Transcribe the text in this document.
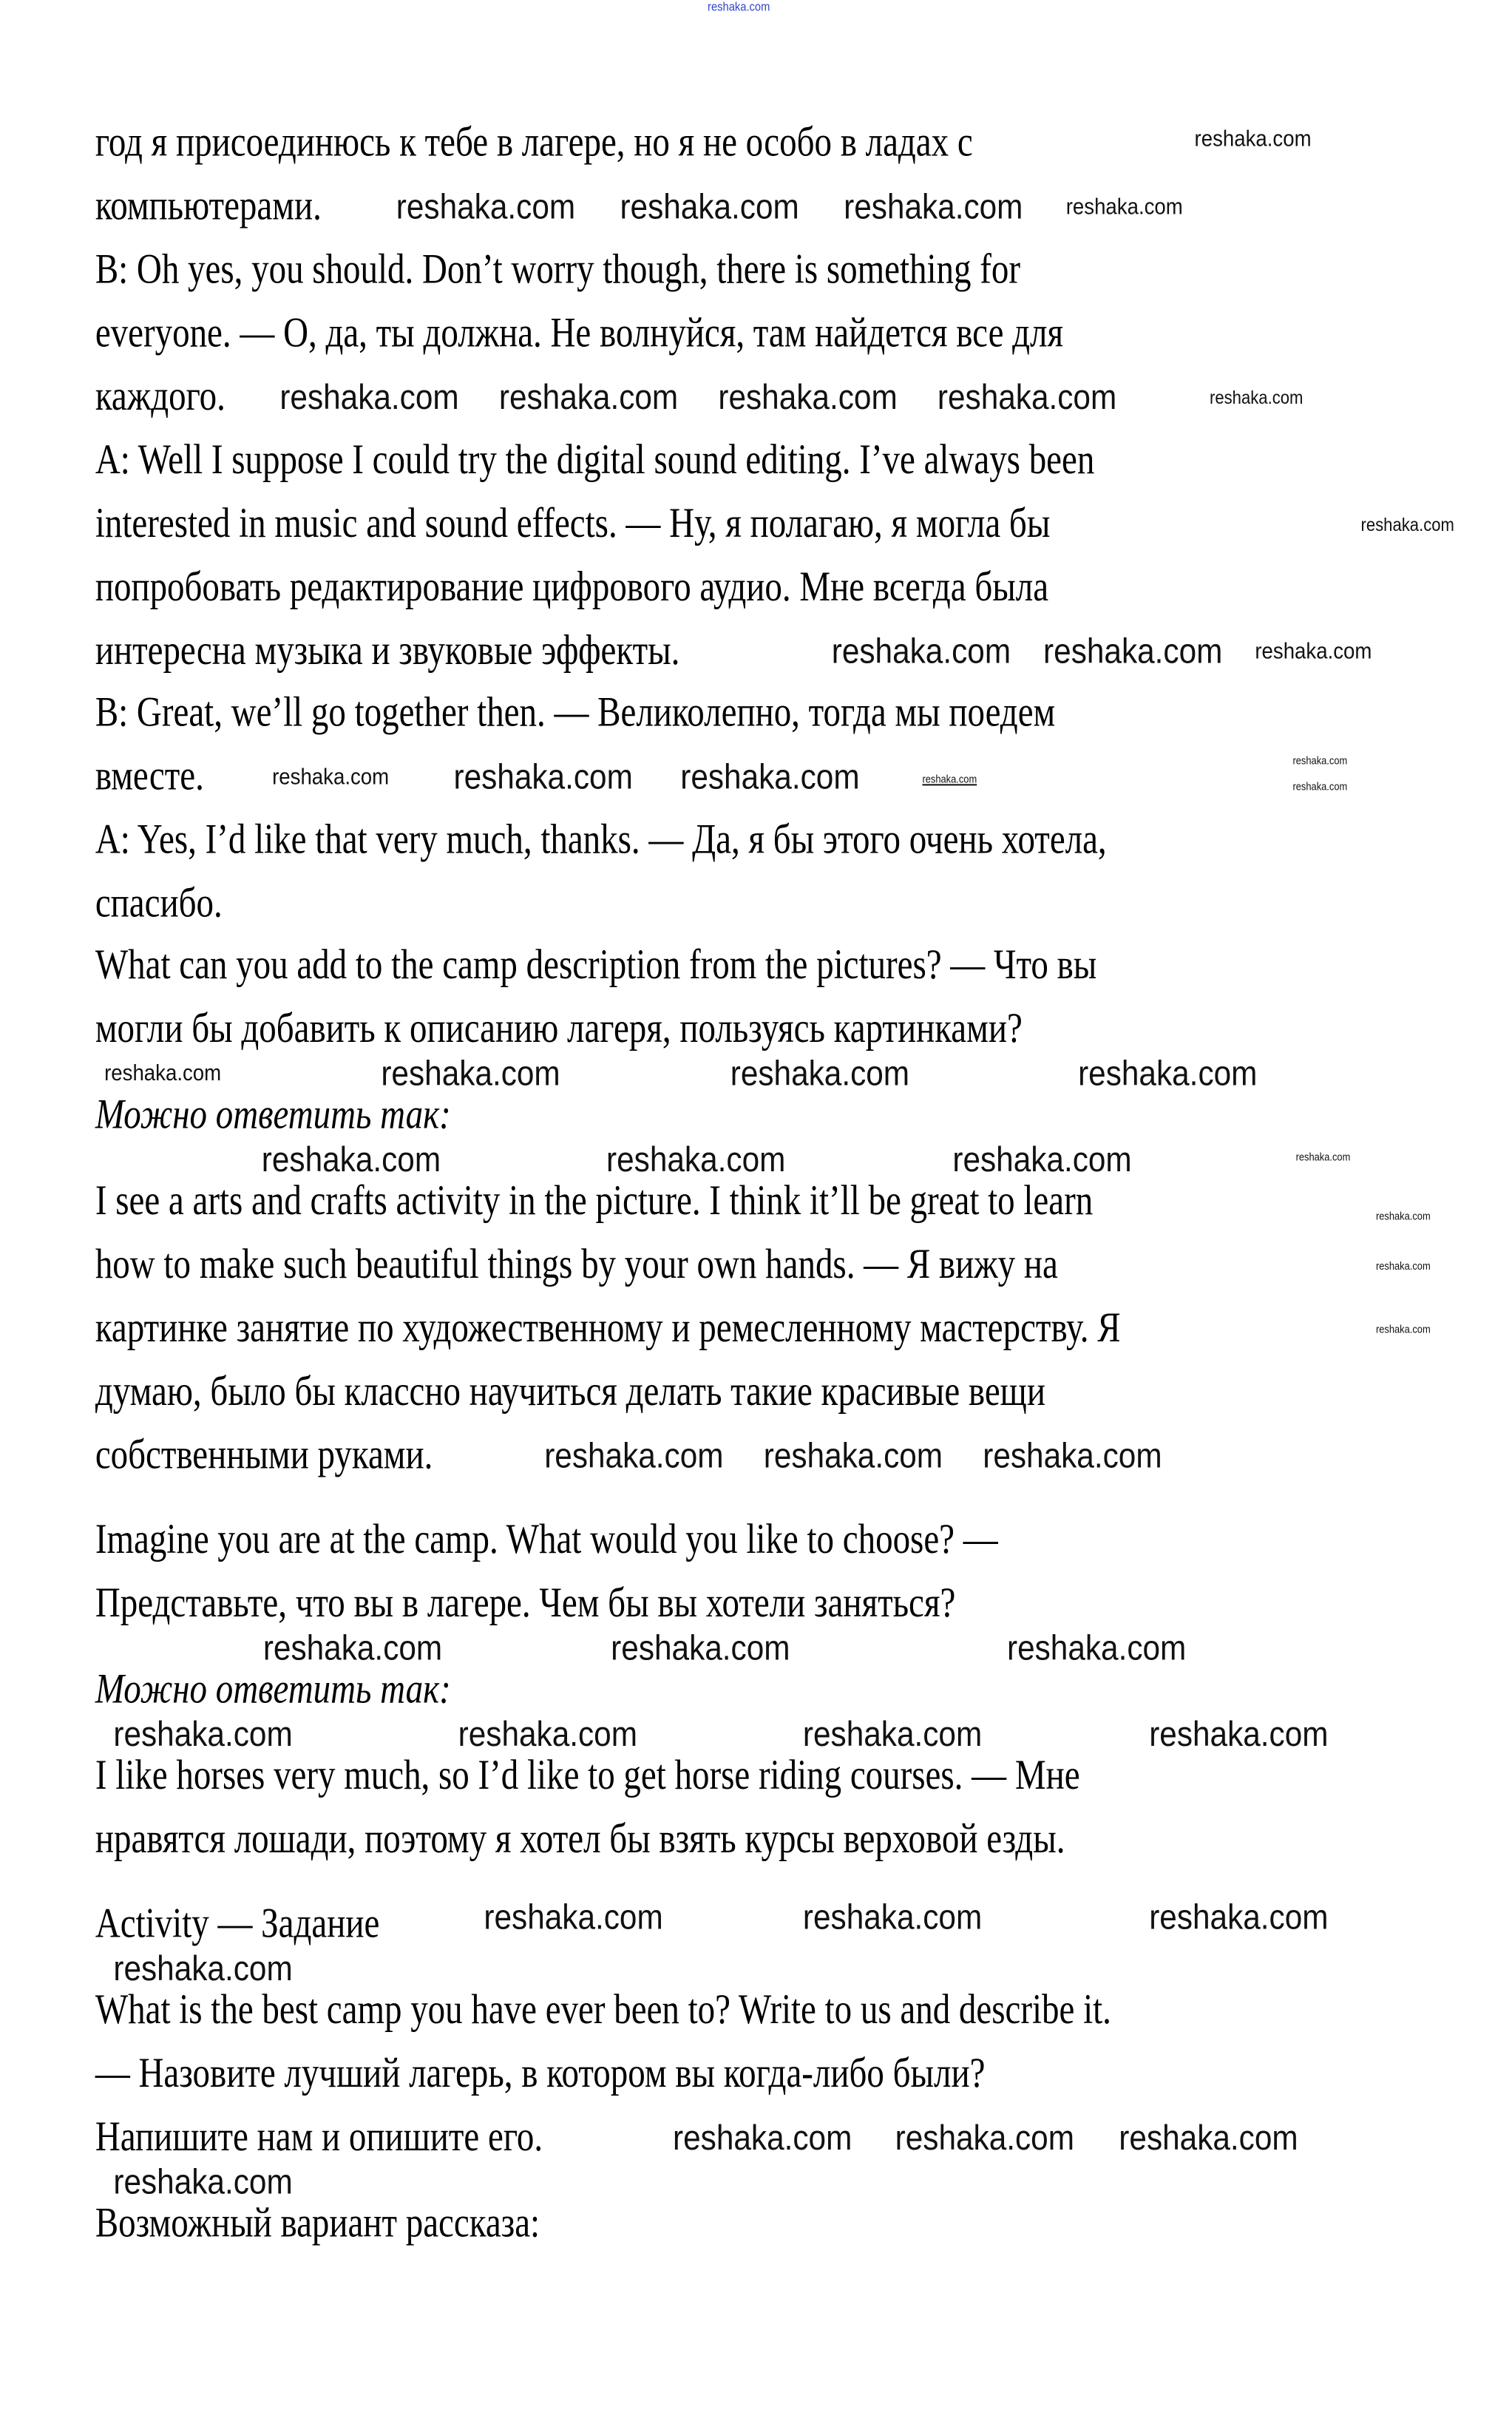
год я присоединюсь к тебе в лагере, но я не особо в ладах с
компьютерами.
B: Oh yes, you should. Don’t worry though, there is something for
everyone. — О, да, ты должна. Не волнуйся, там найдется все для
каждого.
A: Well I suppose I could try the digital sound editing. I’ve always been
interested in music and sound effects. — Ну, я полагаю, я могла бы
попробовать редактирование цифрового аудио. Мне всегда была
интересна музыка и звуковые эффекты.
B: Great, we’ll go together then. — Великолепно, тогда мы поедем
вместе.
A: Yes, I’d like that very much, thanks. — Да, я бы этого очень хотела,
спасибо.
What can you add to the camp description from the pictures? — Что вы
могли бы добавить к описанию лагеря, пользуясь картинками?
Можно ответить так:
I see a arts and crafts activity in the picture. I think it’ll be great to learn
how to make such beautiful things by your own hands. — Я вижу на
картинке занятие по художественному и ремесленному мастерству. Я
думаю, было бы классно научиться делать такие красивые вещи
собственными руками.
Imagine you are at the camp. What would you like to choose? —
Представьте, что вы в лагере. Чем бы вы хотели заняться?
Можно ответить так:
I like horses very much, so I’d like to get horse riding courses. — Мне
нравятся лошади, поэтому я хотел бы взять курсы верховой езды.
Activity — Задание
What is the best camp you have ever been to? Write to us and describe it.
— Назовите лучший лагерь, в котором вы когда-либо были?
Напишите нам и опишите его.
Возможный вариант рассказа:
reshaka.com
reshaka.com
reshaka.com	reshaka.com	reshaka.com	reshaka.com
reshaka.com reshaka.com reshaka.com	reshaka.com
reshaka.com
reshaka.com
reshaka.com reshaka.com	reshaka.com
reshaka.com
reshaka.com	reshaka.com	reshaka.com	reshaka.com
reshaka.com
reshaka.com	reshaka.com	reshaka.com	reshaka.com
reshaka.com
reshaka.com	reshaka.com	reshaka.com
reshaka.com
reshaka.com
reshaka.com
reshaka.com reshaka.com reshaka.com
reshaka.com	reshaka.com	reshaka.com
reshaka.com	reshaka.com	reshaka.com	reshaka.com
reshaka.com	reshaka.com	reshaka.com
reshaka.com
reshaka.com	reshaka.com	reshaka.com
reshaka.com
